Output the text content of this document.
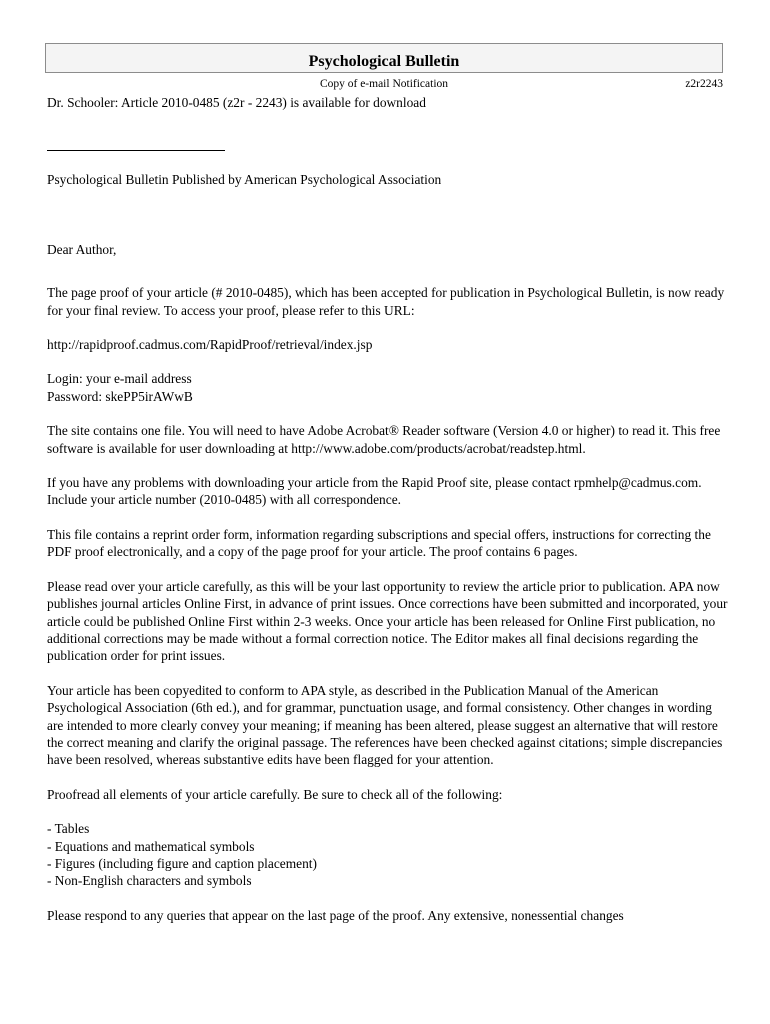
Psychological Bulletin
Copy of e-mail Notification	z2r2243

Dr. Schooler: Article 2010-0485 (z2r - 2243) is available for download

Psychological Bulletin Published by American Psychological Association

Dear Author,

The page proof of your article (# 2010-0485), which has been accepted for publication in Psychological Bulletin, is now ready for your final review. To access your proof, please refer to this URL:

http://rapidproof.cadmus.com/RapidProof/retrieval/index.jsp

Login: your e-mail address

Password: skePP5irAWwB

The site contains one file. You will need to have Adobe Acrobat® Reader software (Version 4.0 or higher) to read it. This free software is available for user downloading at http://www.adobe.com/products/acrobat/readstep.html.

If you have any problems with downloading your article from the Rapid Proof site, please contact rpmhelp@cadmus.com. Include your article number (2010-0485) with all correspondence.

This file contains a reprint order form, information regarding subscriptions and special offers, instructions for correcting the PDF proof electronically, and a copy of the page proof for your article. The proof contains 6 pages.

Please read over your article carefully, as this will be your last opportunity to review the article prior to publication. APA now publishes journal articles Online First, in advance of print issues. Once corrections have been submitted and incorporated, your article could be published Online First within 2-3 weeks. Once your article has been released for Online First publication, no additional corrections may be made without a formal correction notice. The Editor makes all final decisions regarding the publication order for print issues.

Your article has been copyedited to conform to APA style, as described in the Publication Manual of the American Psychological Association (6th ed.), and for grammar, punctuation usage, and formal consistency. Other changes in wording are intended to more clearly convey your meaning; if meaning has been altered, please suggest an alternative that will restore the correct meaning and clarify the original passage. The references have been checked against citations; simple discrepancies have been resolved, whereas substantive edits have been flagged for your attention.

Proofread all elements of your article carefully. Be sure to check all of the following:

- Tables
- Equations and mathematical symbols
- Figures (including figure and caption placement)
- Non-English characters and symbols

Please respond to any queries that appear on the last page of the proof. Any extensive, nonessential changes
